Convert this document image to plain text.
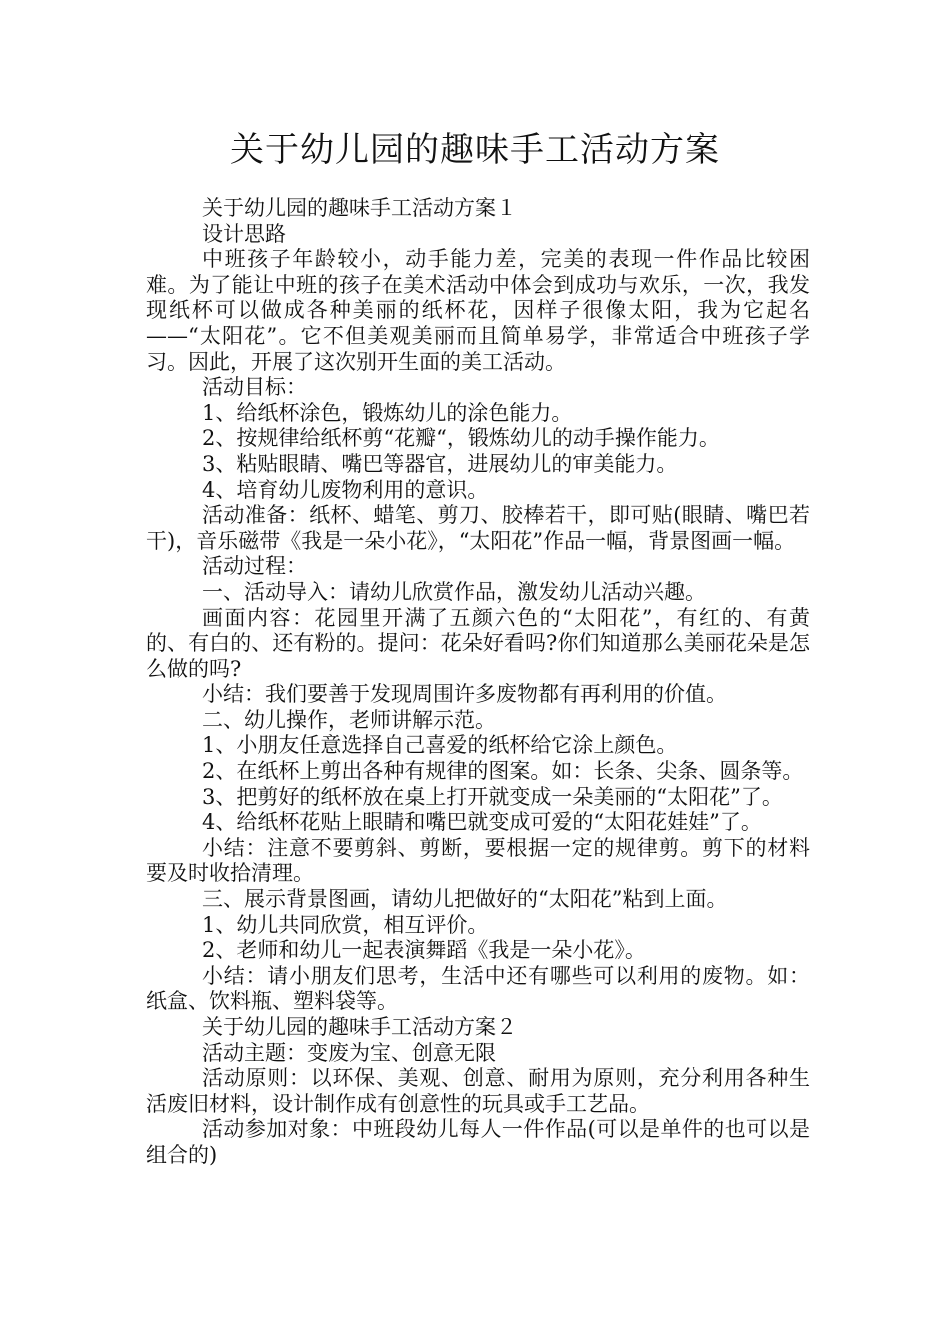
关于幼儿园的趣味手工活动方案

关于幼儿园的趣味手工活动方案１

设计思路

中班孩子年龄较小，动手能力差，完美的表现一件作品比较困难。为了能让中班的孩子在美术活动中体会到成功与欢乐，一次，我发现纸杯可以做成各种美丽的纸杯花，因样子很像太阳，我为它起名——“太阳花”。它不但美观美丽而且简单易学，非常适合中班孩子学习。因此，开展了这次别开生面的美工活动。

活动目标：

1、给纸杯涂色，锻炼幼儿的涂色能力。

2、按规律给纸杯剪“花瓣“，锻炼幼儿的动手操作能力。

3、粘贴眼睛、嘴巴等器官，进展幼儿的审美能力。

4、培育幼儿废物利用的意识。

活动准备：纸杯、蜡笔、剪刀、胶棒若干，即可贴(眼睛、嘴巴若干)，音乐磁带《我是一朵小花》，“太阳花”作品一幅，背景图画一幅。

活动过程：

一、活动导入：请幼儿欣赏作品，激发幼儿活动兴趣。

画面内容：花园里开满了五颜六色的“太阳花”，有红的、有黄的、有白的、还有粉的。提问：花朵好看吗?你们知道那么美丽花朵是怎么做的吗?

小结：我们要善于发现周围许多废物都有再利用的价值。

二、幼儿操作，老师讲解示范。

1、小朋友任意选择自己喜爱的纸杯给它涂上颜色。

2、在纸杯上剪出各种有规律的图案。如：长条、尖条、圆条等。

3、把剪好的纸杯放在桌上打开就变成一朵美丽的“太阳花”了。

4、给纸杯花贴上眼睛和嘴巴就变成可爱的“太阳花娃娃”了。

小结：注意不要剪斜、剪断，要根据一定的规律剪。剪下的材料要及时收拾清理。

三、展示背景图画，请幼儿把做好的“太阳花”粘到上面。

1、幼儿共同欣赏，相互评价。

2、老师和幼儿一起表演舞蹈《我是一朵小花》。

小结：请小朋友们思考，生活中还有哪些可以利用的废物。如：纸盒、饮料瓶、塑料袋等。

关于幼儿园的趣味手工活动方案２

活动主题：变废为宝、创意无限

活动原则：以环保、美观、创意、耐用为原则，充分利用各种生活废旧材料，设计制作成有创意性的玩具或手工艺品。

活动参加对象：中班段幼儿每人一件作品(可以是单件的也可以是组合的)
